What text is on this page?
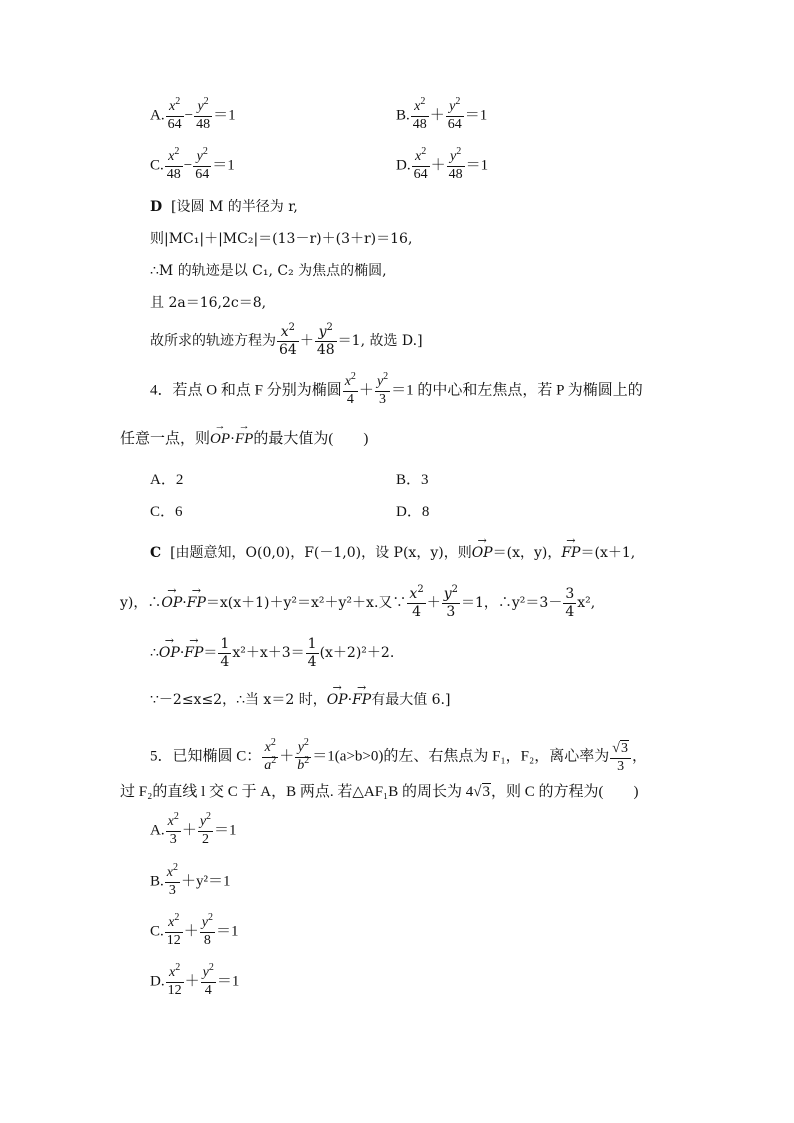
A. $\frac{x^2}{64} - \frac{y^2}{48} =1$	B. $\frac{x^2}{48} + \frac{y^2}{64} =1$
C. $\frac{x^2}{48} - \frac{y^2}{64} =1$	D. $\frac{x^2}{64} + \frac{y^2}{48} =1$
D [设圆 M 的半径为 r,
则|MC₁|＋|MC₂|＝(13－r)＋(3＋r)＝16,
∴M 的轨迹是以 C₁, C₂ 为焦点的椭圆,
且 2a＝16,2c＝8,
故所求的轨迹方程为 $\frac{x^2}{64} + \frac{y^2}{48} =1$, 故选 D.]
4．若点 O 和点 F 分别为椭圆 $\frac{x^2}{4} + \frac{y^2}{3} =1$ 的中心和左焦点，若 P 为椭圆上的
任意一点，则→ OP·→ FP的最大值为(　　)
A．2	B．3
C．6	D．8
C [由题意知，O(0,0)，F(－1,0)，设 P(x，y)，则→ OP＝(x，y)，→ FP＝(x＋1,
y)，∴→ OP·→ FP＝x(x＋1)＋y²＝x²＋y²＋x.又∵ $\frac{x^2}{4} + \frac{y^2}{3} =1$，∴y²＝3－ $\frac{3}{4} x^2$,
∴→ $OP\cdot\to FP= \frac{1}{4} x^2+x+3= \frac{1}{4} (x+2)^2+2$.
∵－2≤x≤2，∴当 x＝2 时，→ OP·→ FP有最大值 6.]
5．已知椭圆 C： $\frac{x^2}{a^2} + \frac{y^2}{b^2} =1(a>b>0)$的左、右焦点为 F₁，F₂，离心率为 $\frac{√3}{3}$ ，
过 F₂的直线 l 交 C 于 A，B 两点. 若△AF₁B 的周长为 4√3，则 C 的方程为(　　)
A. $\frac{x^2}{3} + \frac{y^2}{2} =1$
B. $\frac{x^2}{3} +y^2=1$
C. $\frac{x^2}{12} + \frac{y^2}{8} =1$
D. $\frac{x^2}{12} + \frac{y^2}{4} =1$
